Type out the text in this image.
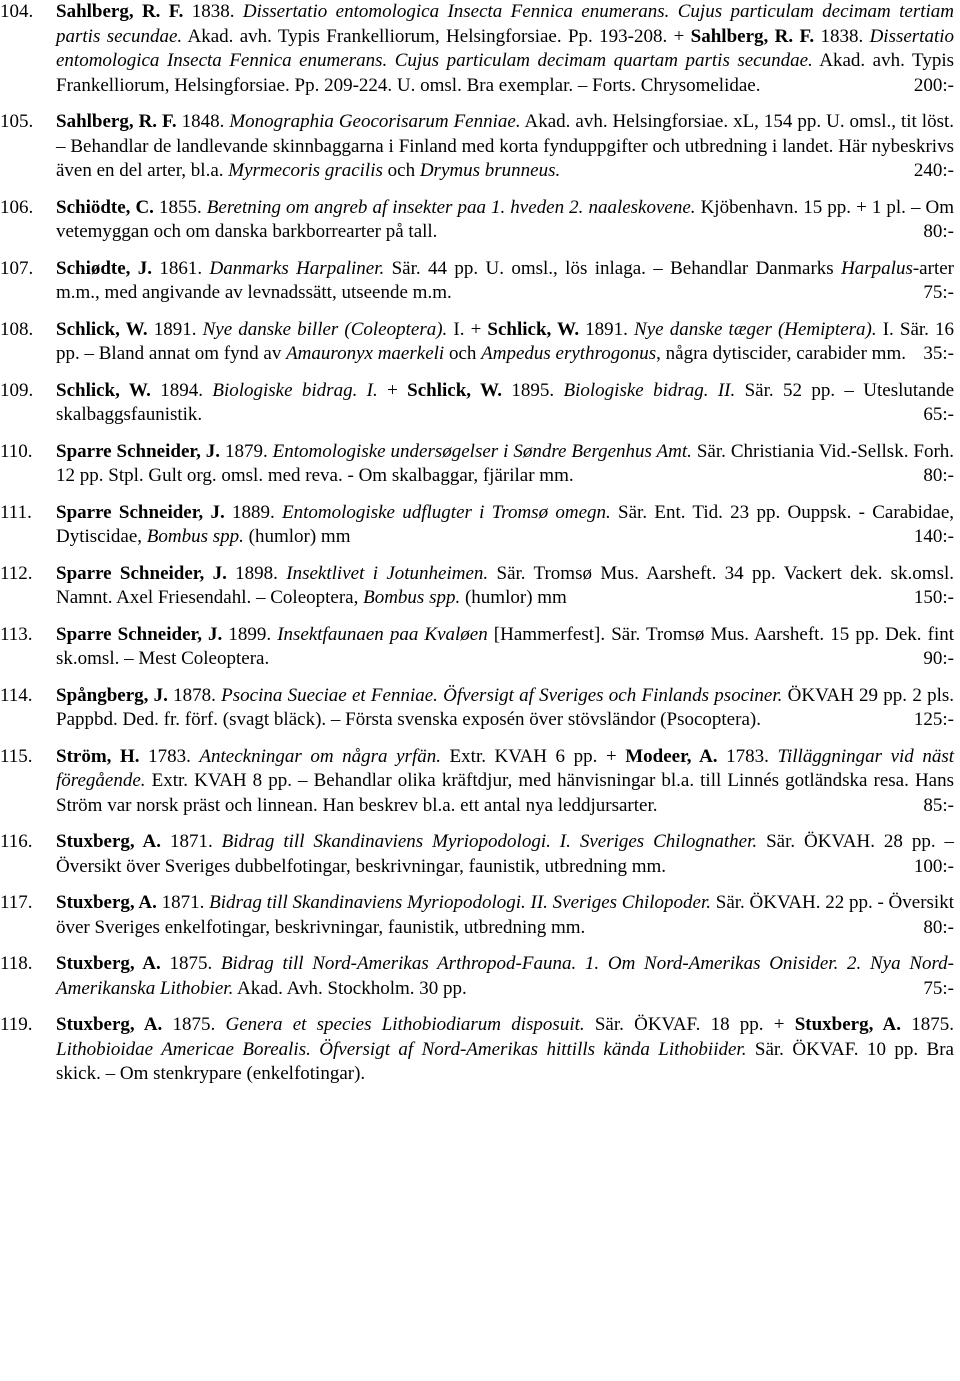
104.	Sahlberg, R. F. 1838. Dissertatio entomologica Insecta Fennica enumerans. Cujus particulam decimam tertiam partis secundae. Akad. avh. Typis Frankelliorum, Helsingforsiae. Pp. 193-208. + Sahlberg, R. F. 1838. Dissertatio entomologica Insecta Fennica enumerans. Cujus particulam decimam quartam partis secundae. Akad. avh. Typis Frankelliorum, Helsingforsiae. Pp. 209-224. U. omsl. Bra exemplar. – Forts. Chrysomelidae.	200:-
105.	Sahlberg, R. F. 1848. Monographia Geocorisarum Fenniae. Akad. avh. Helsingforsiae. xL, 154 pp. U. omsl., tit löst. – Behandlar de landlevande skinnbaggarna i Finland med korta fynduppgifter och utbredning i landet. Här nybeskrivs även en del arter, bl.a. Myrmecoris gracilis och Drymus brunneus.	240:-
106.	Schiödte, C. 1855. Beretning om angreb af insekter paa 1. hveden 2. naaleskovene. Kjöbenhavn. 15 pp. + 1 pl. – Om vetemyggan och om danska barkborrearter på tall.	80:-
107.	Schiødte, J. 1861. Danmarks Harpaliner. Sär. 44 pp. U. omsl., lös inlaga. – Behandlar Danmarks Harpalus-arter m.m., med angivande av levnadssätt, utseende m.m.	75:-
108.	Schlick, W. 1891. Nye danske biller (Coleoptera). I. + Schlick, W. 1891. Nye danske tæger (Hemiptera). I. Sär. 16 pp. – Bland annat om fynd av Amauronyx maerkeli och Ampedus erythrogonus, några dytiscider, carabider mm. 35:-
109.	Schlick, W. 1894. Biologiske bidrag. I. + Schlick, W. 1895. Biologiske bidrag. II. Sär. 52 pp. – Uteslutande skalbaggsfaunistik.	65:-
110.	Sparre Schneider, J. 1879. Entomologiske undersøgelser i Søndre Bergenhus Amt. Sär. Christiania Vid.-Sellsk. Forh. 12 pp. Stpl. Gult org. omsl. med reva. - Om skalbaggar, fjärilar mm.	80:-
111.	Sparre Schneider, J. 1889. Entomologiske udflugter i Tromsø omegn. Sär. Ent. Tid. 23 pp. Ouppsk. - Carabidae, Dytiscidae, Bombus spp. (humlor) mm	140:-
112.	Sparre Schneider, J. 1898. Insektlivet i Jotunheimen. Sär. Tromsø Mus. Aarsheft. 34 pp. Vackert dek. sk.omsl. Namnt. Axel Friesendahl. – Coleoptera, Bombus spp. (humlor) mm	150:-
113.	Sparre Schneider, J. 1899. Insektfaunaen paa Kvaløen [Hammerfest]. Sär. Tromsø Mus. Aarsheft. 15 pp. Dek. fint sk.omsl. – Mest Coleoptera.	90:-
114.	Spångberg, J. 1878. Psocina Sueciae et Fenniae. Öfversigt af Sveriges och Finlands psociner. ÖKVAH 29 pp. 2 pls. Pappbd. Ded. fr. förf. (svagt bläck). – Första svenska exposén över stövsländor (Psocoptera).	125:-
115.	Ström, H. 1783. Anteckningar om några yrfän. Extr. KVAH 6 pp. + Modeer, A. 1783. Tilläggningar vid näst föregående. Extr. KVAH 8 pp. – Behandlar olika kräftdjur, med hänvisningar bl.a. till Linnés gotländska resa. Hans Ström var norsk präst och linnean. Han beskrev bl.a. ett antal nya leddjursarter.	85:-
116.	Stuxberg, A. 1871. Bidrag till Skandinaviens Myriopodologi. I. Sveriges Chilognather. Sär. ÖKVAH. 28 pp. – Översikt över Sveriges dubbelfotingar, beskrivningar, faunistik, utbredning mm.	100:-
117.	Stuxberg, A. 1871. Bidrag till Skandinaviens Myriopodologi. II. Sveriges Chilopoder. Sär. ÖKVAH. 22 pp. - Översikt över Sveriges enkelfotingar, beskrivningar, faunistik, utbredning mm.	80:-
118.	Stuxberg, A. 1875. Bidrag till Nord-Amerikas Arthropod-Fauna. 1. Om Nord-Amerikas Onisider. 2. Nya Nord-Amerikanska Lithobier. Akad. Avh. Stockholm. 30 pp.	75:-
119.	Stuxberg, A. 1875. Genera et species Lithobiodiarum disposuit. Sär. ÖKVAF. 18 pp. + Stuxberg, A. 1875. Lithobioidae Americae Borealis. Öfversigt af Nord-Amerikas hittills kända Lithobiider. Sär. ÖKVAF. 10 pp. Bra skick. – Om stenkrypare (enkelfotingar).
